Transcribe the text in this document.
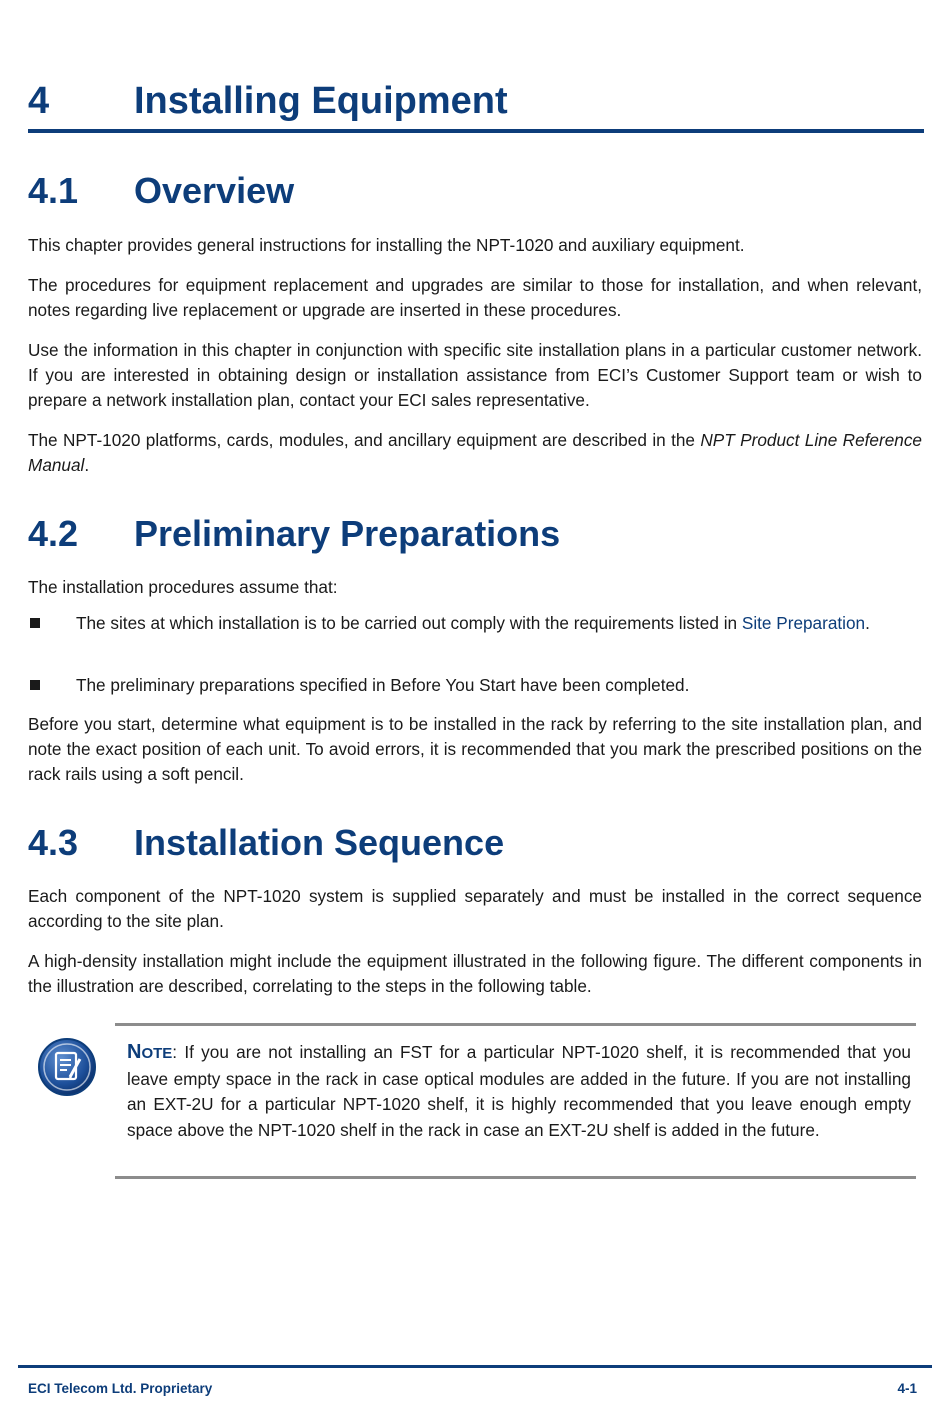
4	Installing Equipment
4.1	Overview

This chapter provides general instructions for installing the NPT-1020 and auxiliary equipment.

The procedures for equipment replacement and upgrades are similar to those for installation, and when relevant, notes regarding live replacement or upgrade are inserted in these procedures.

Use the information in this chapter in conjunction with specific site installation plans in a particular customer network. If you are interested in obtaining design or installation assistance from ECI’s Customer Support team or wish to prepare a network installation plan, contact your ECI sales representative.

The NPT-1020 platforms, cards, modules, and ancillary equipment are described in the NPT Product Line Reference Manual.

4.2	Preliminary Preparations

The installation procedures assume that:

The sites at which installation is to be carried out comply with the requirements listed in Site Preparation.

The preliminary preparations specified in Before You Start have been completed.

Before you start, determine what equipment is to be installed in the rack by referring to the site installation plan, and note the exact position of each unit. To avoid errors, it is recommended that you mark the prescribed positions on the rack rails using a soft pencil.

4.3	Installation Sequence

Each component of the NPT-1020 system is supplied separately and must be installed in the correct sequence according to the site plan.

A high-density installation might include the equipment illustrated in the following figure. The different components in the illustration are described, correlating to the steps in the following table.

NOTE: If you are not installing an FST for a particular NPT-1020 shelf, it is recommended that you leave empty space in the rack in case optical modules are added in the future. If you are not installing an EXT-2U for a particular NPT-1020 shelf, it is highly recommended that you leave enough empty space above the NPT-1020 shelf in the rack in case an EXT-2U shelf is added in the future.

ECI Telecom Ltd. Proprietary	4-1
